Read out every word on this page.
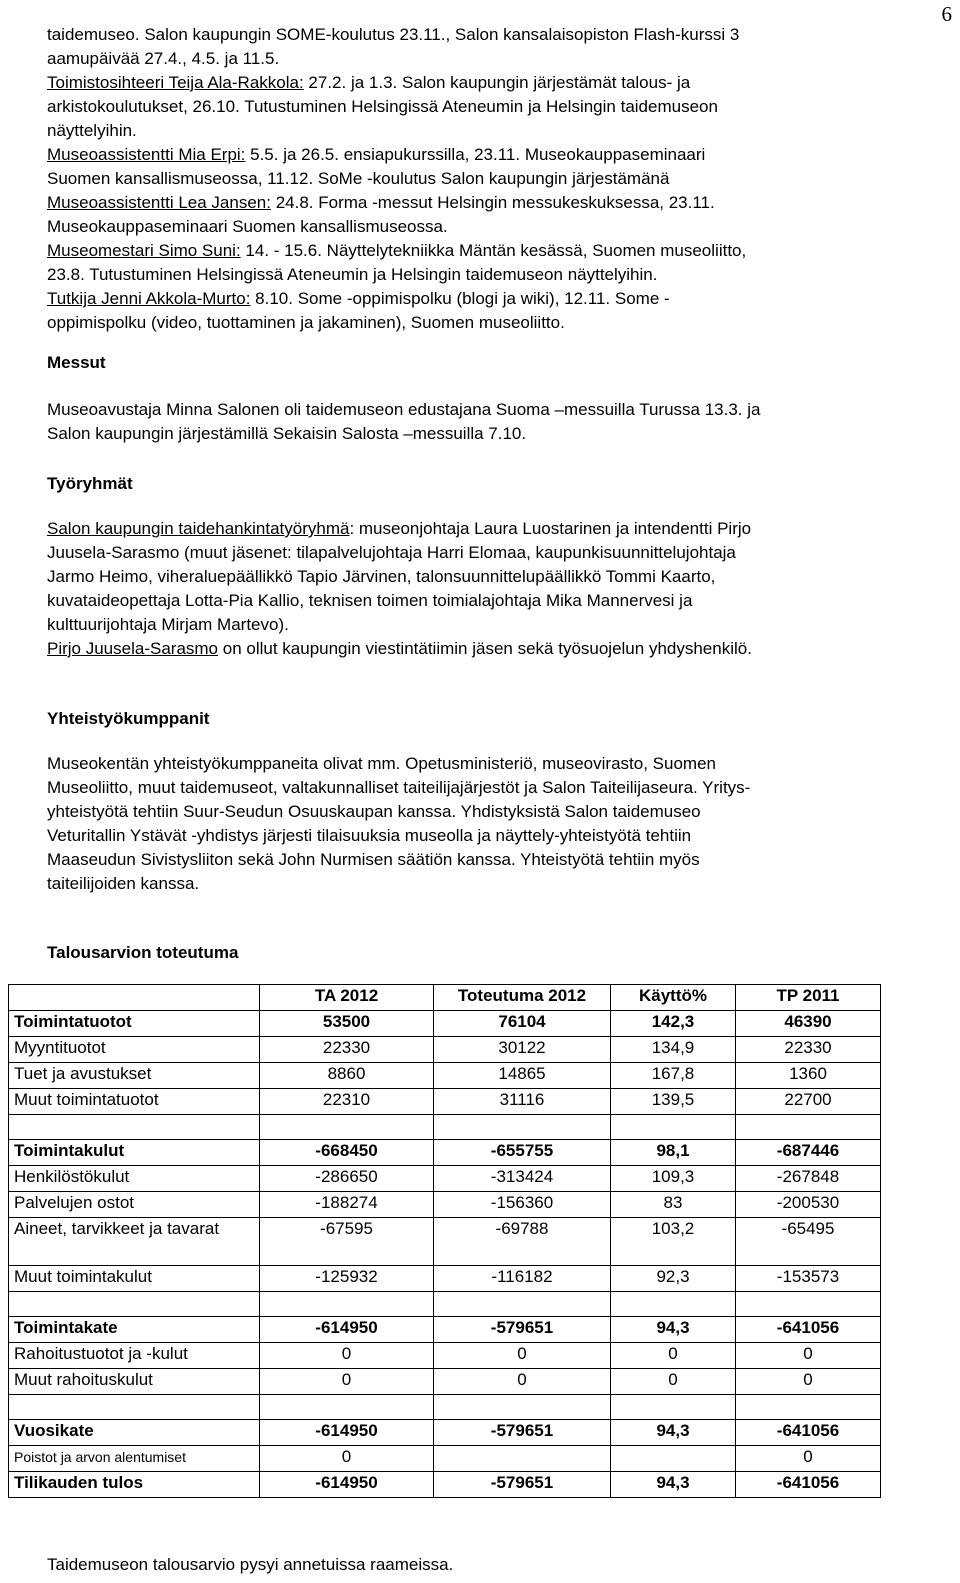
6
taidemuseo. Salon kaupungin SOME-koulutus 23.11., Salon kansalaisopiston Flash-kurssi 3
aamupäivää 27.4., 4.5. ja 11.5.
Toimistosihteeri Teija Ala-Rakkola: 27.2. ja 1.3. Salon kaupungin järjestämät talous- ja
arkistokoulutukset, 26.10. Tutustuminen Helsingissä Ateneumin ja Helsingin taidemuseon
näyttelyihin.
Museoassistentti Mia Erpi: 5.5. ja 26.5. ensiapukurssilla, 23.11. Museokauppaseminaari
Suomen kansallismuseossa, 11.12. SoMe -koulutus Salon kaupungin järjestämänä
Museoassistentti Lea Jansen: 24.8. Forma -messut Helsingin messukeskuksessa, 23.11.
Museokauppaseminaari Suomen kansallismuseossa.
Museomestari Simo Suni: 14. - 15.6. Näyttelytekniikka Mäntän kesässä, Suomen museoliitto,
23.8. Tutustuminen Helsingissä Ateneumin ja Helsingin taidemuseon näyttelyihin.
Tutkija Jenni Akkola-Murto: 8.10. Some -oppimispolku (blogi ja wiki), 12.11. Some -
oppimispolku (video, tuottaminen ja jakaminen), Suomen museoliitto.
Messut
Museoavustaja Minna Salonen oli taidemuseon edustajana Suoma –messuilla Turussa 13.3. ja
Salon kaupungin järjestämillä Sekaisin Salosta –messuilla 7.10.
Työryhmät
Salon kaupungin taidehankintatyöryhmä: museonjohtaja Laura Luostarinen ja intendentti Pirjo
Juusela-Sarasmo (muut jäsenet: tilapalvelujohtaja Harri Elomaa, kaupunkisuunnittelujohtaja
Jarmo Heimo, viheraluepäällikkö Tapio Järvinen, talonsuunnittelupäällikkö Tommi Kaarto,
kuvataideopettaja Lotta-Pia Kallio, teknisen toimen toimialajohtaja Mika Mannervesi ja
kulttuurijohtaja Mirjam Martevo).
Pirjo Juusela-Sarasmo on ollut kaupungin viestintätiimin jäsen sekä työsuojelun yhdyshenkilö.
Yhteistyökumppanit
Museokentän yhteistyökumppaneita olivat mm. Opetusministeriö, museovirasto, Suomen
Museoliitto, muut taidemuseot, valtakunnalliset taiteilijajärjestöt ja Salon Taiteilijaseura. Yritys-
yhteistyötä tehtiin Suur-Seudun Osuuskaupan kanssa. Yhdistyksistä Salon taidemuseo
Veturitallin Ystävät -yhdistys järjesti tilaisuuksia museolla ja näyttely-yhteistyötä tehtiin
Maaseudun Sivistysliiton sekä John Nurmisen säätiön kanssa. Yhteistyötä tehtiin myös
taiteilijoiden kanssa.
Talousarvion toteutuma
	TA 2012	Toteutuma 2012	Käyttö%	TP 2011
Toimintatuotot	53500	76104	142,3	46390
Myyntituotot	22330	30122	134,9	22330
Tuet ja avustukset	8860	14865	167,8	1360
Muut toimintatuotot	22310	31116	139,5	22700

Toimintakulut	-668450	-655755	98,1	-687446
Henkilöstökulut	-286650	-313424	109,3	-267848
Palvelujen ostot	-188274	-156360	83	-200530
Aineet, tarvikkeet ja tavarat	-67595	-69788	103,2	-65495
Muut toimintakulut	-125932	-116182	92,3	-153573

Toimintakate	-614950	-579651	94,3	-641056
Rahoitustuotot ja -kulut	0	0	0	0
Muut rahoituskulut	0	0	0	0

Vuosikate	-614950	-579651	94,3	-641056
Poistot ja arvon alentumiset	0			0
Tilikauden tulos	-614950	-579651	94,3	-641056
Taidemuseon talousarvio pysyi annetuissa raameissa.
